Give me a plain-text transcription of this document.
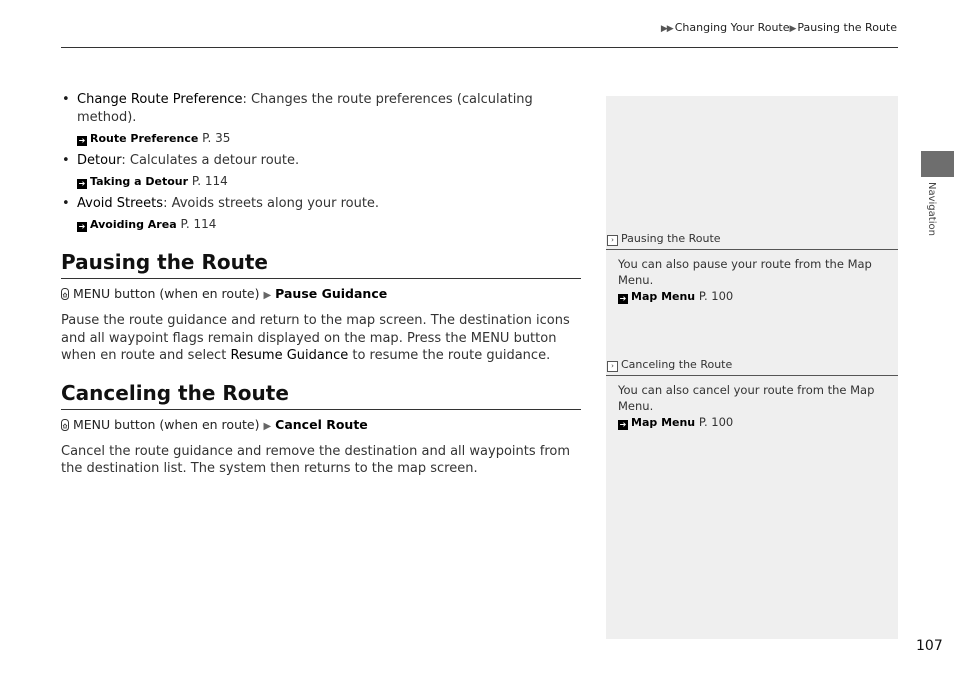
▶▶ Changing Your Route▶ Pausing the Route
• Change Route Preference: Changes the route preferences (calculating method).
➔ Route Preference P. 35
• Detour: Calculates a detour route.
➔ Taking a Detour P. 114
• Avoid Streets: Avoids streets along your route.
➔ Avoiding Area P. 114
Pausing the Route
MENU button (when en route) ▶ Pause Guidance

Pause the route guidance and return to the map screen. The destination icons and all waypoint flags remain displayed on the map. Press the MENU button when en route and select Resume Guidance to resume the route guidance.

Canceling the Route
MENU button (when en route) ▶ Cancel Route

Cancel the route guidance and remove the destination and all waypoints from the destination list. The system then returns to the map screen.

› Pausing the Route
You can also pause your route from the Map Menu.
➔ Map Menu P. 100
› Canceling the Route
You can also cancel your route from the Map Menu.
➔ Map Menu P. 100
Navigation
107
